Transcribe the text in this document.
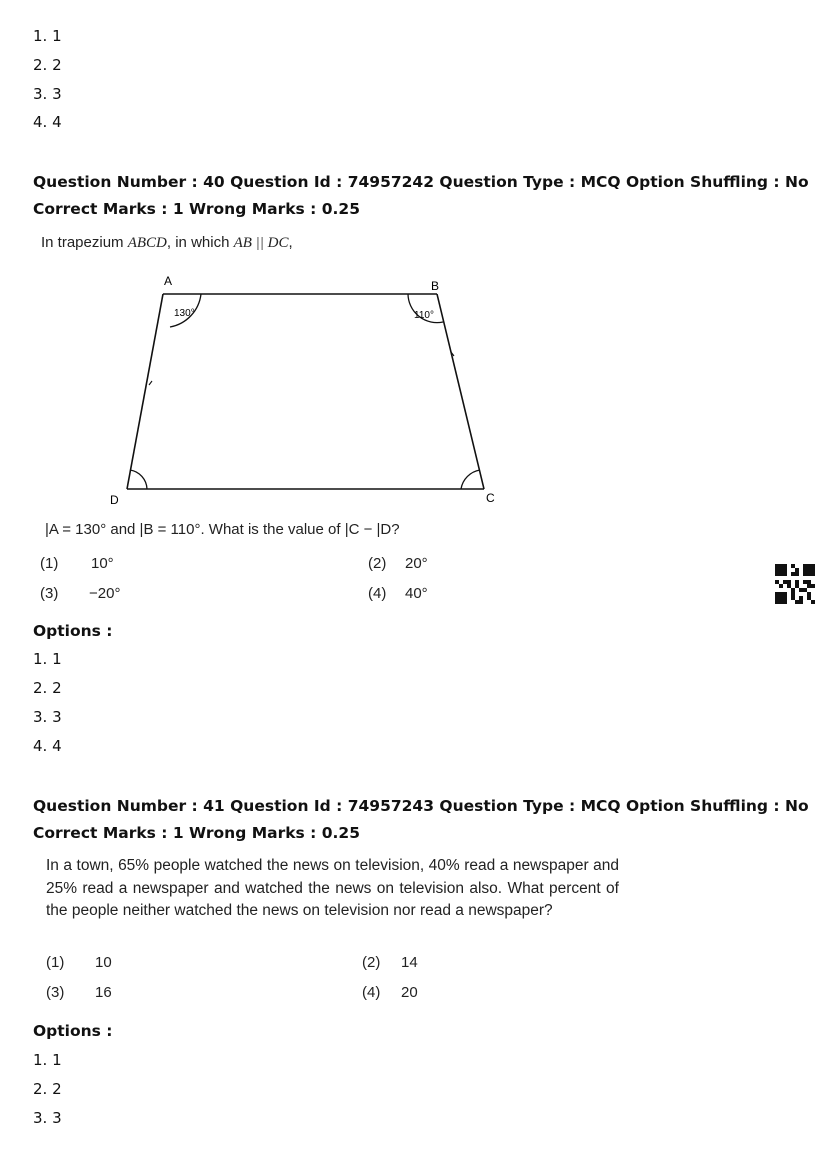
1. 1
2. 2
3. 3
4. 4
Question Number : 40 Question Id : 74957242 Question Type : MCQ Option Shuffling : No
Correct Marks : 1 Wrong Marks : 0.25
In trapezium ABCD, in which AB || DC,
A	B
C
D
130°	110°
|A = 130° and |B = 110°. What is the value of |C − |D?
(1) 10°	(2) 20°
(3) −20°	(4) 40°
Options :
1. 1
2. 2
3. 3
4. 4
Question Number : 41 Question Id : 74957243 Question Type : MCQ Option Shuffling : No
Correct Marks : 1 Wrong Marks : 0.25
In a town, 65% people watched the news on television, 40% read a newspaper and 25% read a newspaper and watched the news on television also. What percent of the people neither watched the news on television nor read a newspaper?
(1) 10	(2) 14
(3) 16	(4) 20
Options :
1. 1
2. 2
3. 3
